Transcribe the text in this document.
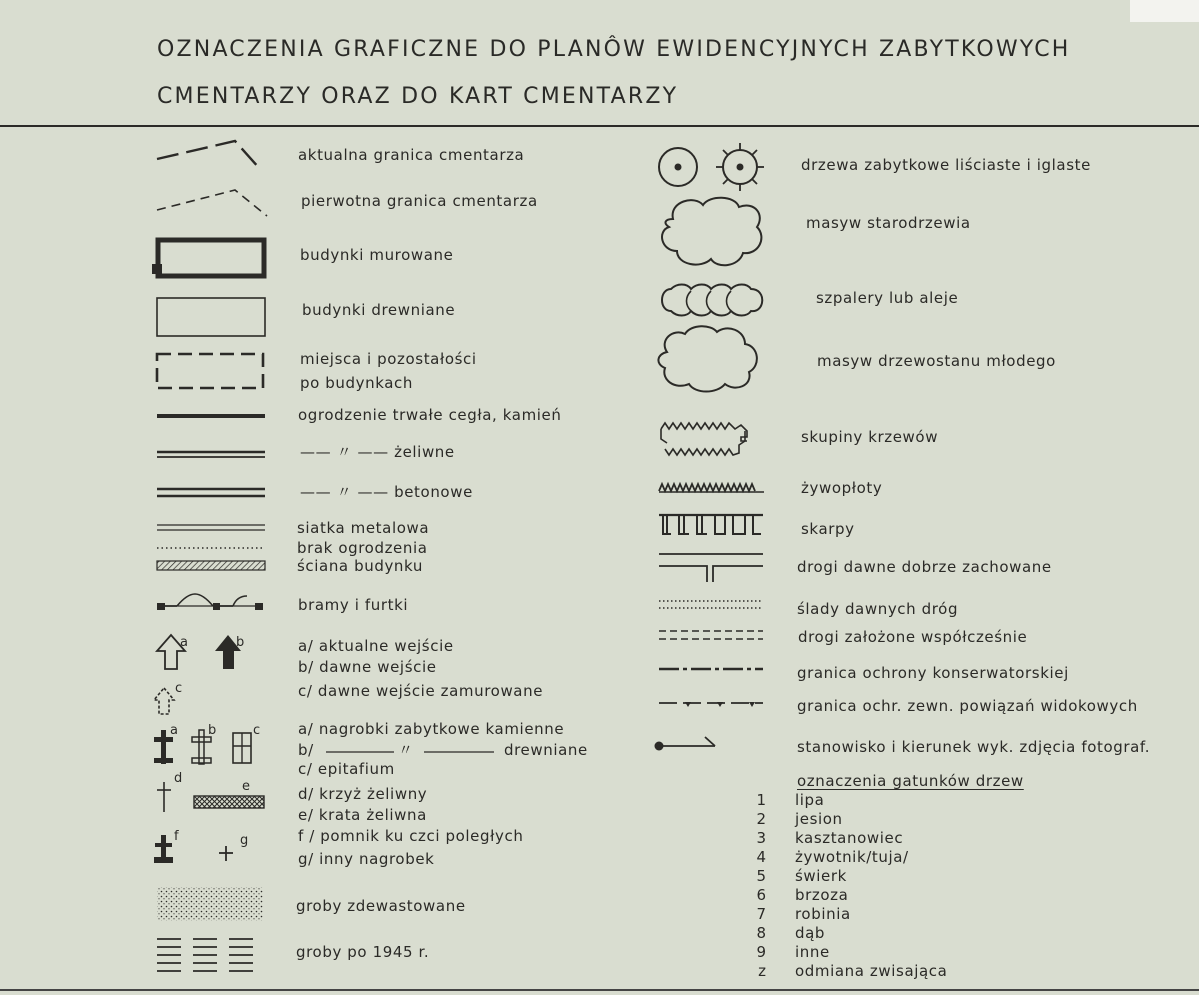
OZNACZENIA GRAFICZNE DO PLANÔW EWIDENCYJNYCH ZABYTKOWYCH
CMENTARZY ORAZ DO KART CMENTARZY
aktualna granica cmentarza
pierwotna granica cmentarza
budynki murowane
budynki drewniane
miejsca i pozostałości
po budynkach
ogrodzenie trwałe cegła, kamień
—— 〃 —— żeliwne
—— 〃 —— betonowe
siatka metalowa
brak ogrodzenia
ściana budynku
bramy i furtki
a	b
c
a/ aktualne wejście
b/ dawne wejście
c/ dawne wejście zamurowane
a b	c a/ nagrobki zabytkowe kamienne
b/	〃	drewniane
c/ epitafium
d
e	d/ krzyż żeliwny
e/ krata żeliwna
f	g	f / pomnik ku czci poległych
g/ inny nagrobek
groby zdewastowane
groby po 1945 r.
drzewa zabytkowe liściaste i iglaste
masyw starodrzewia
szpalery lub aleje
masyw drzewostanu młodego
skupiny krzewów
żywopłoty
skarpy
drogi dawne dobrze zachowane
ślady dawnych dróg
drogi założone współcześnie
granica ochrony konserwatorskiej
granica ochr. zewn. powiązań widokowych
stanowisko i kierunek wyk. zdjęcia fotograf.
oznaczenia gatunków drzew
1 lipa
2 jesion
3 kasztanowiec
4 żywotnik/tuja/
5 świerk
6 brzoza
7 robinia
8 dąb
9 inne
z odmiana zwisająca
